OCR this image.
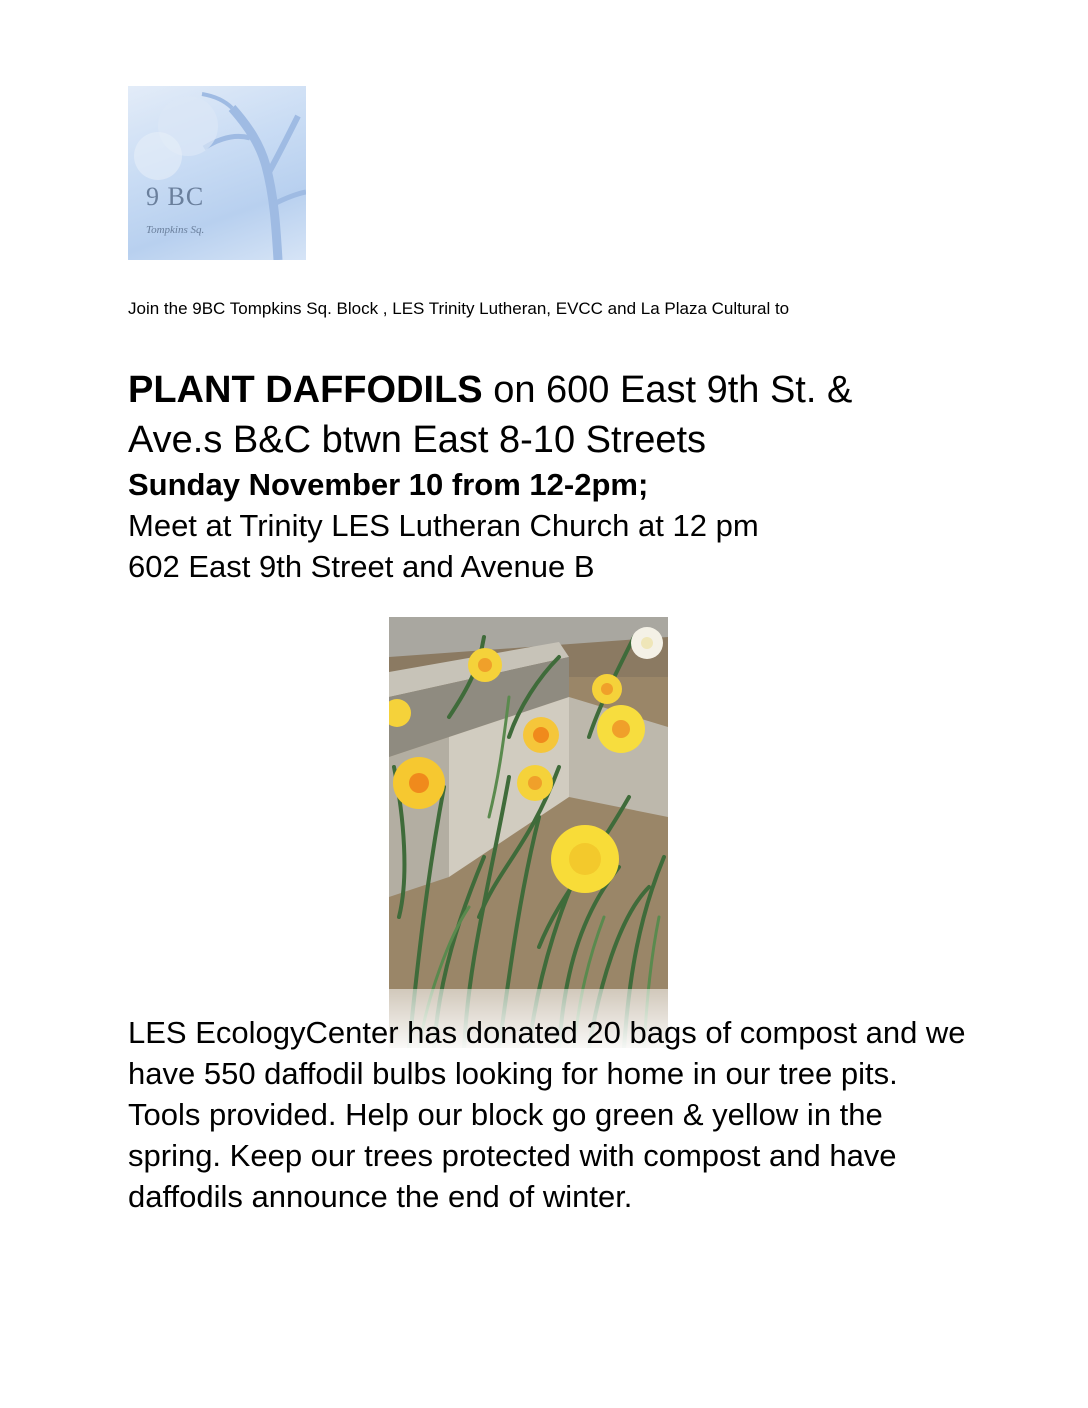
9 BC
Tompkins Sq.
Join the 9BC Tompkins Sq. Block , LES Trinity Lutheran, EVCC and La Plaza Cultural to
PLANT DAFFODILS on 600 East 9th St. & Ave.s B&C btwn East 8-10 Streets
Sunday November 10 from 12-2pm;
Meet at Trinity LES Lutheran Church at 12 pm
602 East 9th Street and Avenue B
LES EcologyCenter has donated 20 bags of compost and we have 550 daffodil bulbs looking for home in our tree pits. Tools provided. Help our block go green & yellow in the spring. Keep our trees protected with compost and have daffodils announce the end of winter.
